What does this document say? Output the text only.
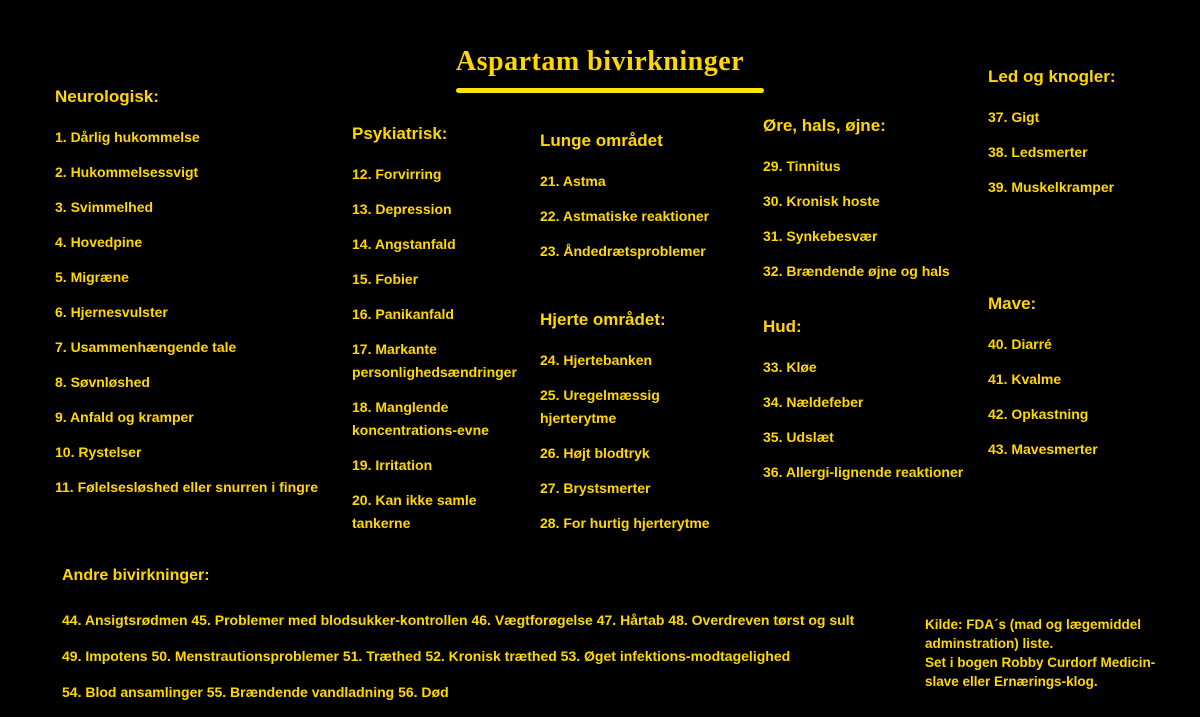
Aspartam bivirkninger
Neurologisk:
1. Dårlig hukommelse
2. Hukommelsessvigt
3. Svimmelhed
4. Hovedpine
5. Migræne
6. Hjernesvulster
7. Usammenhængende tale
8. Søvnløshed
9. Anfald og kramper
10. Rystelser
11. Følelsesløshed eller snurren i fingre
Psykiatrisk:
12. Forvirring
13. Depression
14. Angstanfald
15. Fobier
16. Panikanfald
17. Markante personlighedsændringer
18. Manglende koncentrations-evne
19. Irritation
20. Kan ikke samle tankerne
Lunge området
21. Astma
22. Astmatiske reaktioner
23. Åndedrætsproblemer
Hjerte området:
24. Hjertebanken
25. Uregelmæssig hjerterytme
26. Højt blodtryk
27. Brystsmerter
28. For hurtig hjerterytme
Øre, hals, øjne:
29. Tinnitus
30. Kronisk hoste
31. Synkebesvær
32. Brændende øjne og hals
Hud:
33. Kløe
34. Nældefeber
35. Udslæt
36. Allergi-lignende reaktioner
Led og knogler:
37. Gigt
38. Ledsmerter
39. Muskelkramper
Mave:
40. Diarré
41. Kvalme
42. Opkastning
43. Mavesmerter
Andre bivirkninger:
44. Ansigtsrødmen 45. Problemer med blodsukker-kontrollen 46. Vægtforøgelse 47. Hårtab 48. Overdreven tørst og sult
49. Impotens 50. Menstrautionsproblemer 51. Træthed 52. Kronisk træthed 53. Øget infektions-modtagelighed
54. Blod ansamlinger 55. Brændende vandladning 56. Død
Kilde: FDA´s (mad og lægemiddel
adminstration) liste.
Set i bogen Robby Curdorf Medicin-
slave eller Ernærings-klog.
